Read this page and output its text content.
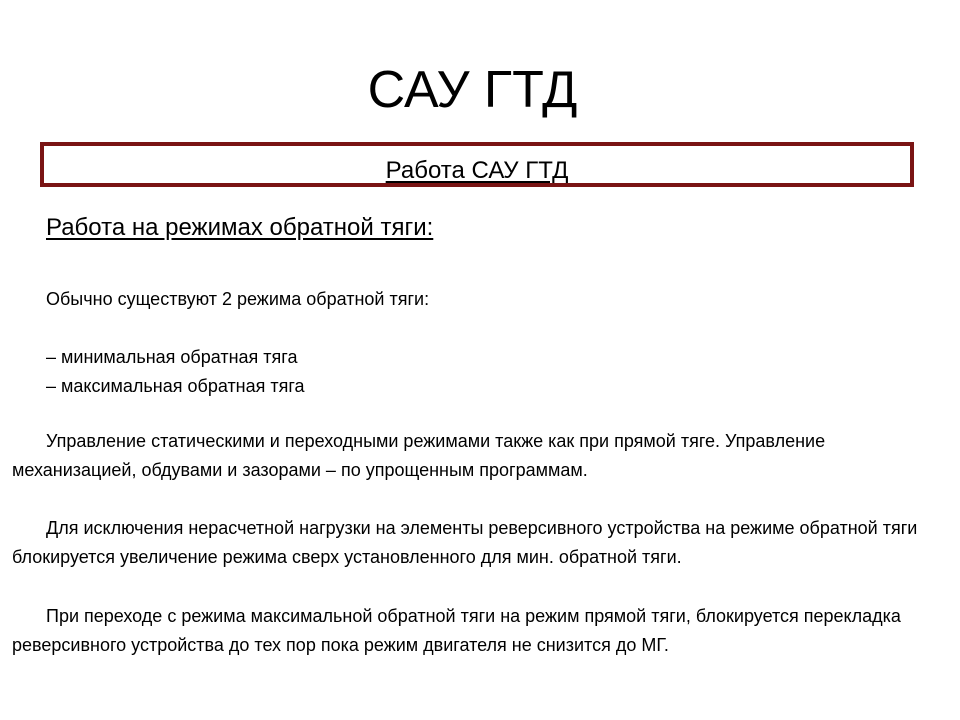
САУ ГТД
Работа САУ ГТД
Работа на режимах обратной тяги:
Обычно существуют 2 режима обратной тяги:
– минимальная обратная тяга
– максимальная обратная тяга

Управление статическими и переходными режимами также как при прямой тяге. Управление механизацией, обдувами и зазорами – по упрощенным программам.

Для исключения нерасчетной нагрузки на элементы реверсивного устройства на режиме обратной тяги блокируется увеличение режима сверх установленного для мин. обратной тяги.

При переходе с режима максимальной обратной тяги на режим прямой тяги, блокируется перекладка реверсивного устройства до тех пор пока режим двигателя не снизится до МГ.
